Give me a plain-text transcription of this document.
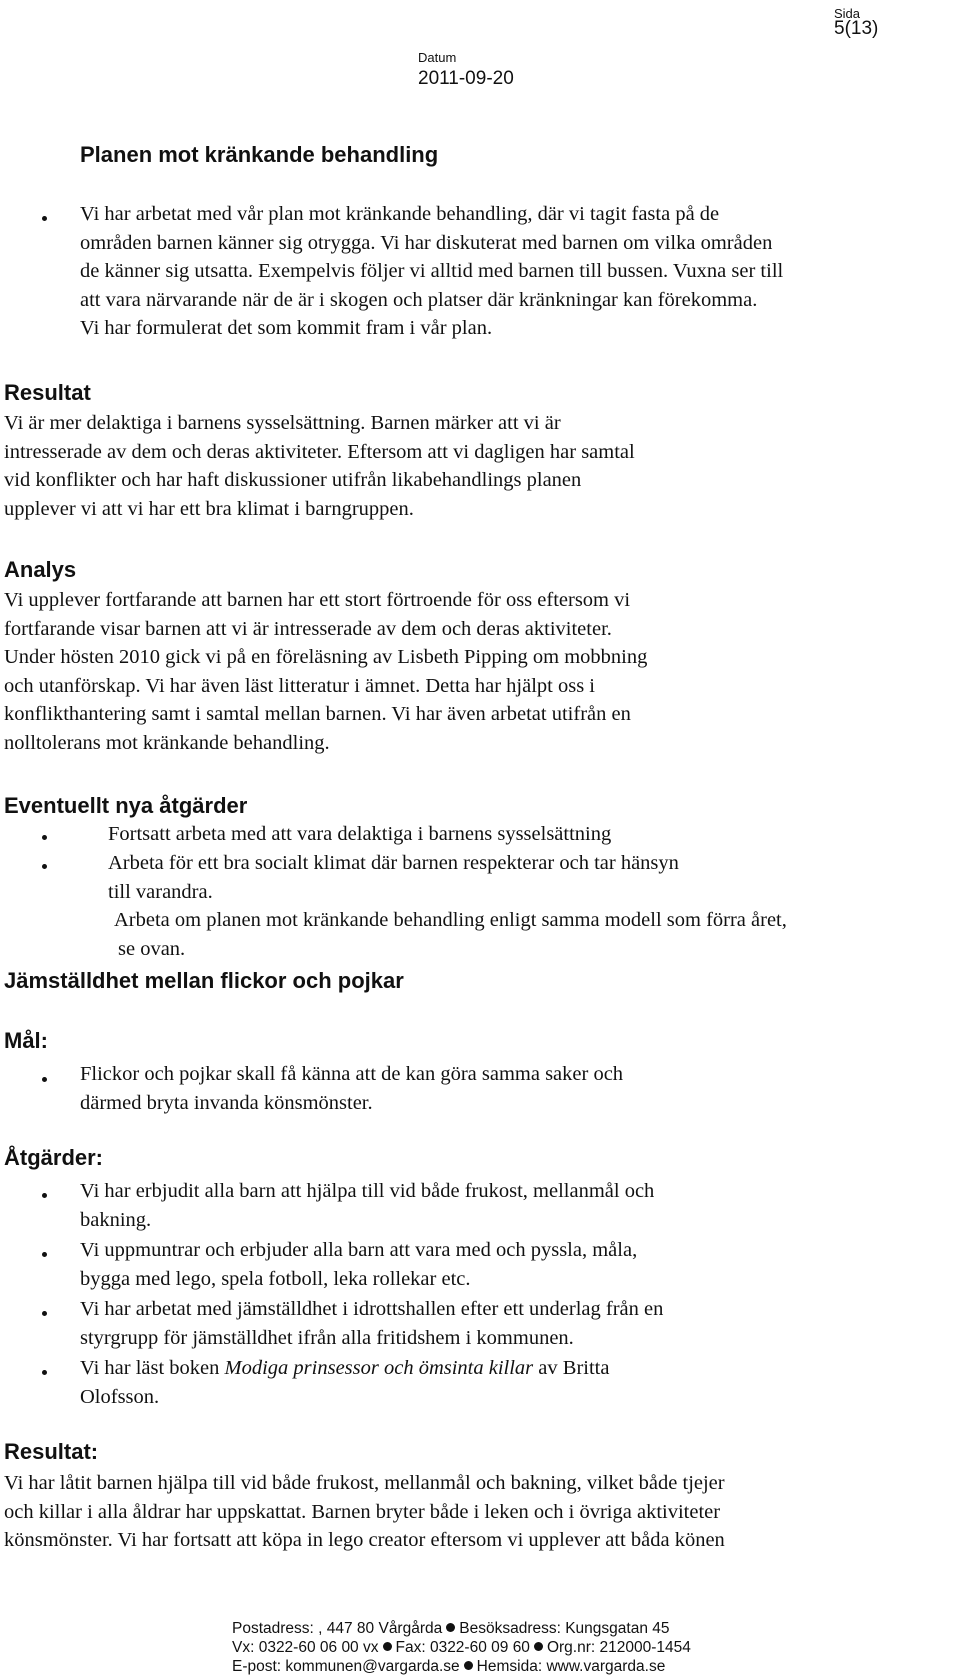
Sida
5(13)
Datum
2011-09-20
Planen mot kränkande behandling
Vi har arbetat med vår plan mot kränkande behandling, där vi tagit fasta på de
områden barnen känner sig otrygga. Vi har diskuterat med barnen om vilka områden
de känner sig utsatta. Exempelvis följer vi alltid med barnen till bussen. Vuxna ser till
att vara närvarande när de är i skogen och platser där kränkningar kan förekomma.
Vi har formulerat det som kommit fram i vår plan.
Resultat
Vi är mer delaktiga i barnens sysselsättning. Barnen märker att vi är
intresserade av dem och deras aktiviteter. Eftersom att vi dagligen har samtal
vid konflikter och har haft diskussioner utifrån likabehandlings planen
upplever vi att vi har ett bra klimat i barngruppen.
Analys
Vi upplever fortfarande att barnen har ett stort förtroende för oss eftersom vi
fortfarande visar barnen att vi är intresserade av dem och deras aktiviteter.
Under hösten 2010 gick vi på en föreläsning av Lisbeth Pipping om mobbning
och utanförskap. Vi har även läst litteratur i ämnet. Detta har hjälpt oss i
konflikthantering samt i samtal mellan barnen. Vi har även arbetat utifrån en
nolltolerans mot kränkande behandling.
Eventuellt nya åtgärder
Fortsatt arbeta med att vara delaktiga i barnens sysselsättning
Arbeta för ett bra socialt klimat där barnen respekterar och tar hänsyn
till varandra.
Arbeta om planen mot kränkande behandling enligt samma modell som förra året,
se ovan.
Jämställdhet mellan flickor och pojkar
Mål:
Flickor och pojkar skall få känna att de kan göra samma saker och
därmed bryta invanda könsmönster.
Åtgärder:
Vi har erbjudit alla barn att hjälpa till vid både frukost, mellanmål och
bakning.
Vi uppmuntrar och erbjuder alla barn att vara med och pyssla, måla,
bygga med lego, spela fotboll, leka rollekar etc.
Vi har arbetat med jämställdhet i idrottshallen efter ett underlag från en
styrgrupp för jämställdhet ifrån alla fritidshem i kommunen.
Vi har läst boken Modiga prinsessor och ömsinta killar av Britta
Olofsson.
Resultat:
Vi har låtit barnen hjälpa till vid både frukost, mellanmål och bakning, vilket både tjejer
och killar i alla åldrar har uppskattat. Barnen bryter både i leken och i övriga aktiviteter
könsmönster. Vi har fortsatt att köpa in lego creator eftersom vi upplever att båda könen
Postadress: , 447 80 Vårgårda Besöksadress: Kungsgatan 45
Vx: 0322-60 06 00 vx Fax: 0322-60 09 60 Org.nr: 212000-1454
E-post: kommunen@vargarda.se Hemsida: www.vargarda.se
